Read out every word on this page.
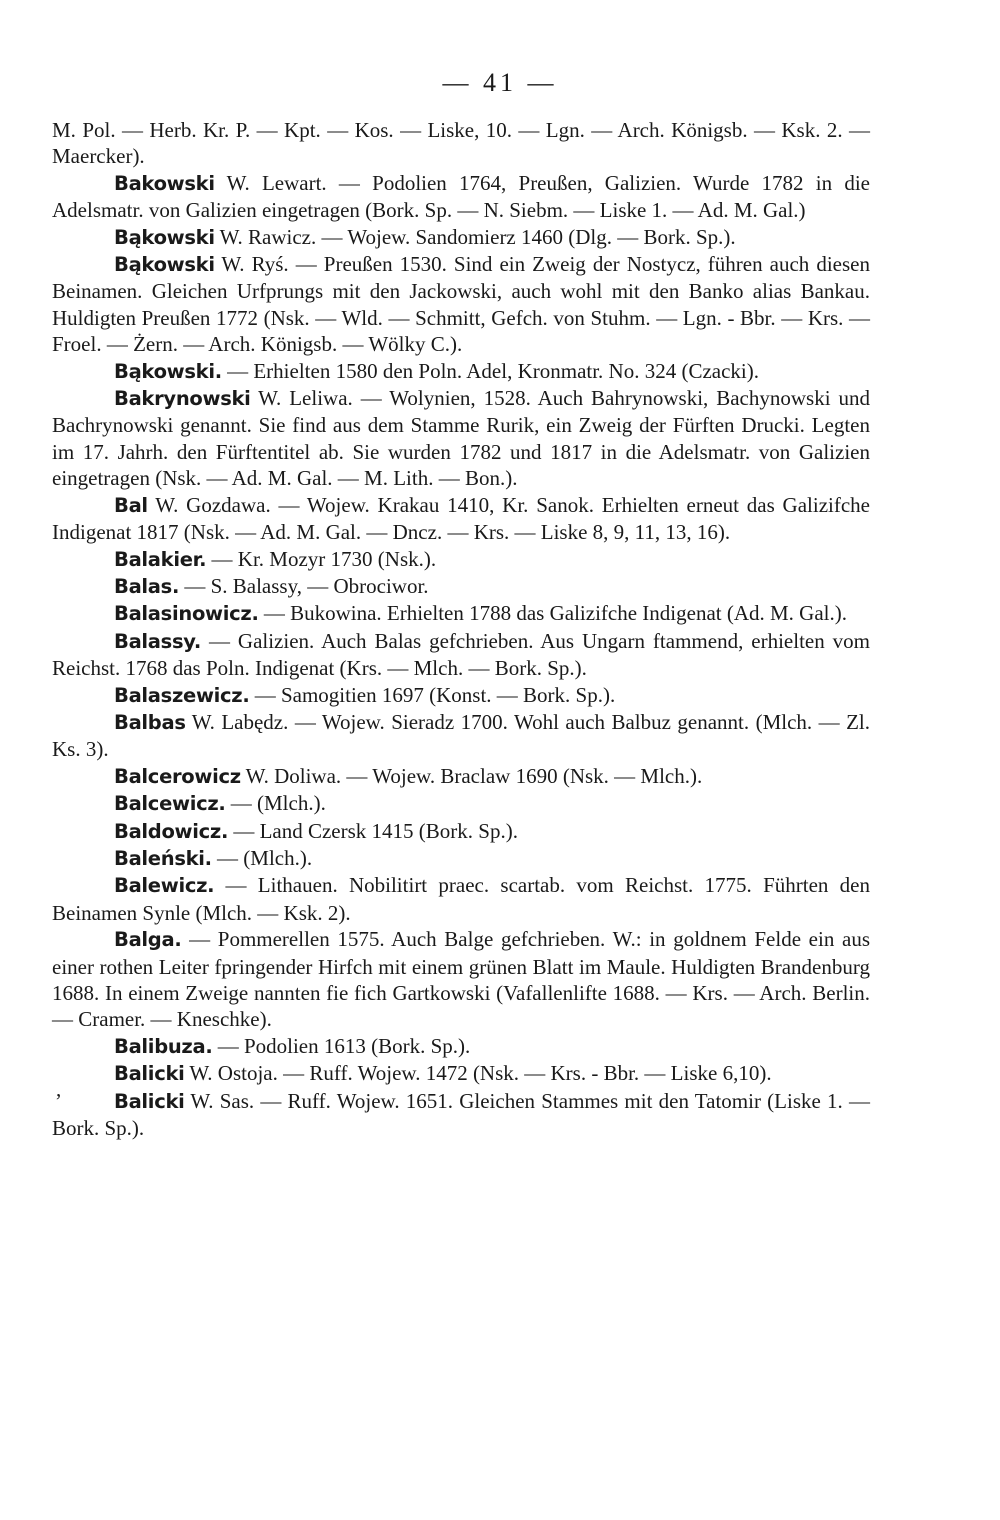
— 41 —
,

M. Pol. — Herb. Kr. P. — Kpt. — Kos. — Liske, 10. — Lgn. — Arch. Königsb. — Ksk. 2. — Maercker).

Bakowski W. Lewart. — Podolien 1764, Preußen, Galizien. Wurde 1782 in die Adelsmatr. von Galizien eingetragen (Bork. Sp. — N. Siebm. — Liske 1. — Ad. M. Gal.)

Bąkowski W. Rawicz. — Wojew. Sandomierz 1460 (Dlg. — Bork. Sp.).

Bąkowski W. Ryś. — Preußen 1530. Sind ein Zweig der Nostycz, führen auch diesen Beinamen. Gleichen Urfprungs mit den Jackowski, auch wohl mit den Banko alias Bankau. Huldigten Preußen 1772 (Nsk. — Wld. — Schmitt, Gefch. von Stuhm. — Lgn. - Bbr. — Krs. — Froel. — Żern. — Arch. Königsb. — Wölky C.).

Bąkowski. — Erhielten 1580 den Poln. Adel, Kronmatr. No. 324 (Czacki).

Bakrynowski W. Leliwa. — Wolynien, 1528. Auch Bahrynowski, Bachynowski und Bachrynowski genannt. Sie find aus dem Stamme Rurik, ein Zweig der Fürften Drucki. Legten im 17. Jahrh. den Fürftentitel ab. Sie wurden 1782 und 1817 in die Adelsmatr. von Galizien eingetragen (Nsk. — Ad. M. Gal. — M. Lith. — Bon.).

Bal W. Gozdawa. — Wojew. Krakau 1410, Kr. Sanok. Erhielten erneut das Galizifche Indigenat 1817 (Nsk. — Ad. M. Gal. — Dncz. — Krs. — Liske 8, 9, 11, 13, 16).

Balakier. — Kr. Mozyr 1730 (Nsk.).

Balas. — S. Balassy, — Obrociwor.

Balasinowicz. — Bukowina. Erhielten 1788 das Galizifche Indigenat (Ad. M. Gal.).

Balassy. — Galizien. Auch Balas gefchrieben. Aus Ungarn ftammend, erhielten vom Reichst. 1768 das Poln. Indigenat (Krs. — Mlch. — Bork. Sp.).

Balaszewicz. — Samogitien 1697 (Konst. — Bork. Sp.).

Balbas W. Labędz. — Wojew. Sieradz 1700. Wohl auch Balbuz genannt. (Mlch. — Zl. Ks. 3).

Balcerowicz W. Doliwa. — Wojew. Braclaw 1690 (Nsk. — Mlch.).

Balcewicz. — (Mlch.).

Baldowicz. — Land Czersk 1415 (Bork. Sp.).

Baleński. — (Mlch.).

Balewicz. — Lithauen. Nobilitirt praec. scartab. vom Reichst. 1775. Führten den Beinamen Synle (Mlch. — Ksk. 2).

Balga. — Pommerellen 1575. Auch Balge gefchrieben. W.: in goldnem Felde ein aus einer rothen Leiter fpringender Hirfch mit einem grünen Blatt im Maule. Huldigten Brandenburg 1688. In einem Zweige nannten fie fich Gartkowski (Vafallenlifte 1688. — Krs. — Arch. Berlin. — Cramer. — Kneschke).

Balibuza. — Podolien 1613 (Bork. Sp.).

Balicki W. Ostoja. — Ruff. Wojew. 1472 (Nsk. — Krs. - Bbr. — Liske 6,10).

Balicki W. Sas. — Ruff. Wojew. 1651. Gleichen Stammes mit den Tatomir (Liske 1. — Bork. Sp.).
